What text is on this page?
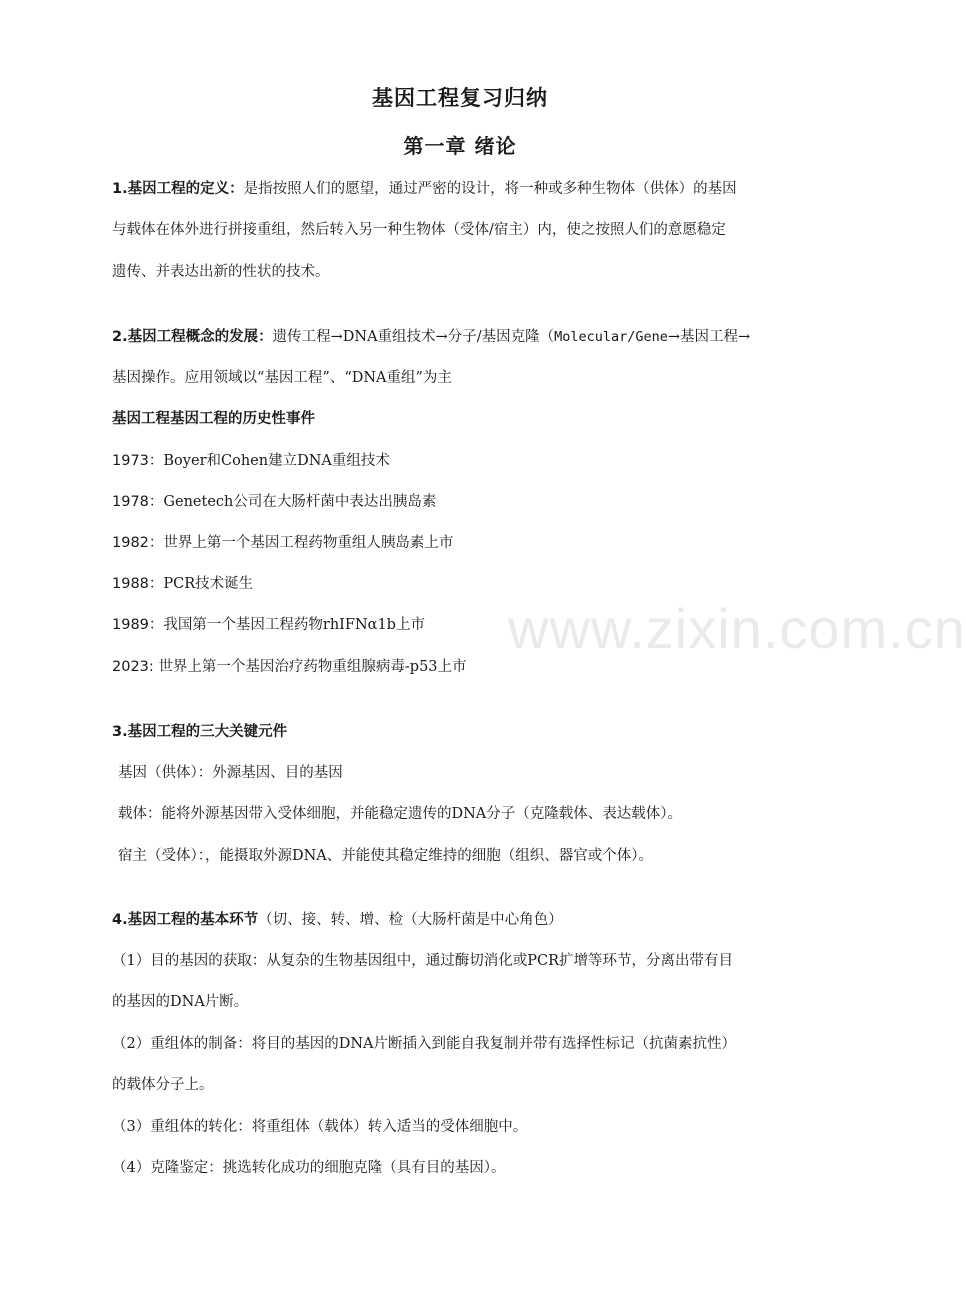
基因工程复习归纳
第一章 绪论
1.基因工程的定义：是指按照人们的愿望，通过严密的设计，将一种或多种生物体（供体）的基因
与载体在体外进行拼接重组，然后转入另一种生物体（受体/宿主）内，使之按照人们的意愿稳定
遗传、并表达出新的性状的技术。
2.基因工程概念的发展：遗传工程→DNA重组技术→分子/基因克隆（Molecular/Gene→基因工程→
基因操作。应用领域以“基因工程”、“DNA重组”为主
基因工程基因工程的历史性事件
1973：Boyer和Cohen建立DNA重组技术
1978：Genetech公司在大肠杆菌中表达出胰岛素
1982：世界上第一个基因工程药物重组人胰岛素上市
1988：PCR技术诞生
1989：我国第一个基因工程药物rhIFNα1b上市
2023: 世界上第一个基因治疗药物重组腺病毒-p53上市
3.基因工程的三大关键元件
基因（供体）：外源基因、目的基因
载体：能将外源基因带入受体细胞，并能稳定遗传的DNA分子（克隆载体、表达载体）。
宿主（受体）：，能摄取外源DNA、并能使其稳定维持的细胞（组织、器官或个体）。
4.基因工程的基本环节（切、接、转、增、检（大肠杆菌是中心角色）
（1）目的基因的获取：从复杂的生物基因组中，通过酶切消化或PCR扩增等环节，分离出带有目
的基因的DNA片断。
（2）重组体的制备：将目的基因的DNA片断插入到能自我复制并带有选择性标记（抗菌素抗性）
的载体分子上。
（3）重组体的转化：将重组体（载体）转入适当的受体细胞中。
（4）克隆鉴定：挑选转化成功的细胞克隆（具有目的基因）。
www.zixin.com.cn
